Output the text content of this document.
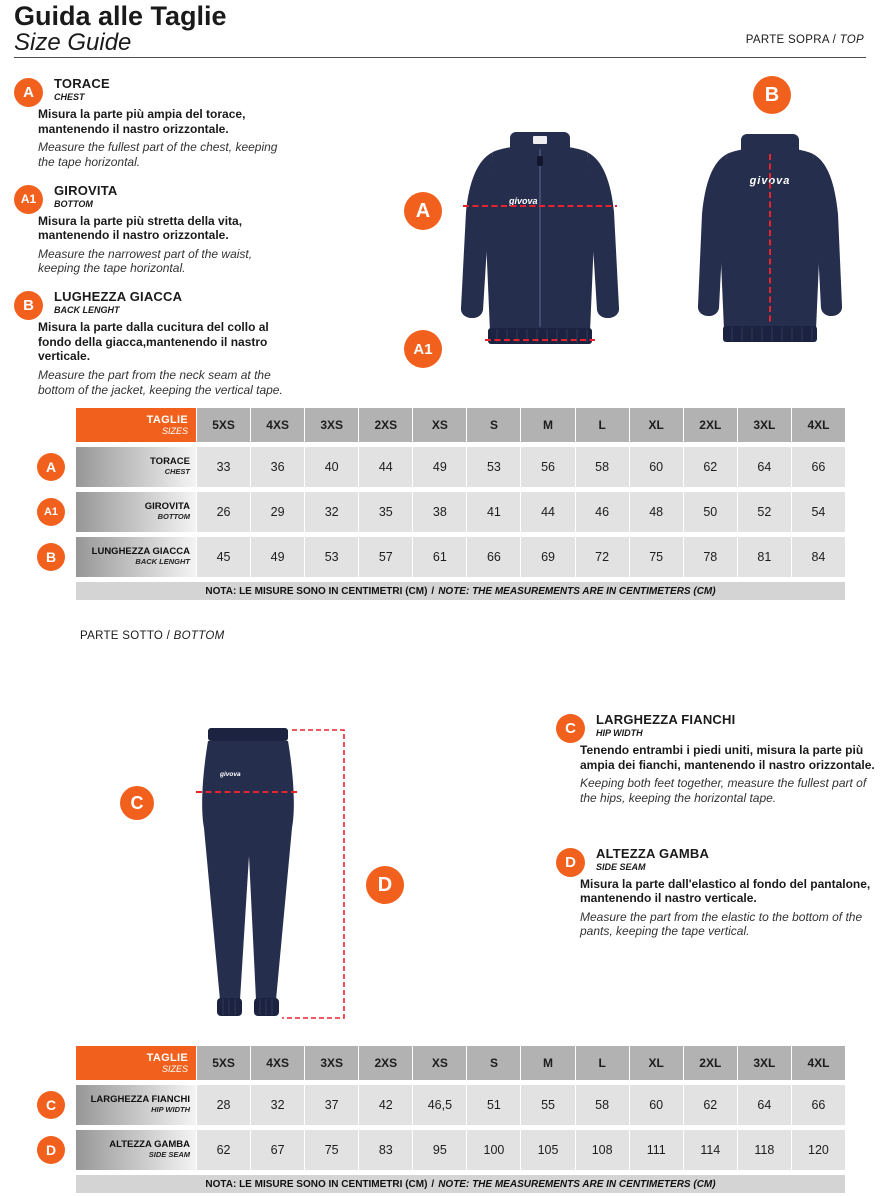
Guida alle Taglie
Size Guide	PARTE SOPRA / TOP
A
TORACE
CHEST

Misura la parte più ampia del torace, mantenendo il nastro orizzontale.

Measure the fullest part of the chest, keeping the tape horizontal.

A1
GIROVITA
BOTTOM

Misura la parte più stretta della vita, mantenendo il nastro orizzontale.

Measure the narrowest part of the waist, keeping the tape horizontal.

B
LUGHEZZA GIACCA
BACK LENGHT

Misura la parte dalla cucitura del collo al fondo della giacca,mantenendo il nastro verticale.

Measure the part from the neck seam at the bottom of the jacket, keeping the vertical tape.

givova
A
A1
givova
B
TAGLIE
SIZES	5XS	4XS	3XS	2XS	XS	S	M	L	XL	2XL	3XL	4XL
A	TORACE
CHEST	33	36	40	44	49	53	56	58	60	62	64	66
A1	GIROVITA
BOTTOM	26	29	32	35	38	41	44	46	48	50	52	54
B	LUNGHEZZA GIACCA
BACK LENGHT	45	49	53	57	61	66	69	72	75	78	81	84
NOTA: LE MISURE SONO IN CENTIMETRI (CM) / NOTE: THE MEASUREMENTS ARE IN CENTIMETERS (CM)
PARTE SOTTO / BOTTOM
givova
C
D
C
LARGHEZZA FIANCHI
HIP WIDTH

Tenendo entrambi i piedi uniti, misura la parte più ampia dei fianchi, mantenendo il nastro orizzontale.

Keeping both feet together, measure the fullest part of the hips, keeping the horizontal tape.

D
ALTEZZA GAMBA
SIDE SEAM

Misura la parte dall'elastico al fondo del pantalone, mantenendo il nastro verticale.

Measure the part from the elastic to the bottom of the pants, keeping the tape vertical.

TAGLIE
SIZES	5XS	4XS	3XS	2XS	XS	S	M	L	XL	2XL	3XL	4XL
C	LARGHEZZA FIANCHI
HIP WIDTH	28	32	37	42	46,5	51	55	58	60	62	64	66
D	ALTEZZA GAMBA
SIDE SEAM	62	67	75	83	95	100	105	108	111	114	118	120
NOTA: LE MISURE SONO IN CENTIMETRI (CM) / NOTE: THE MEASUREMENTS ARE IN CENTIMETERS (CM)
